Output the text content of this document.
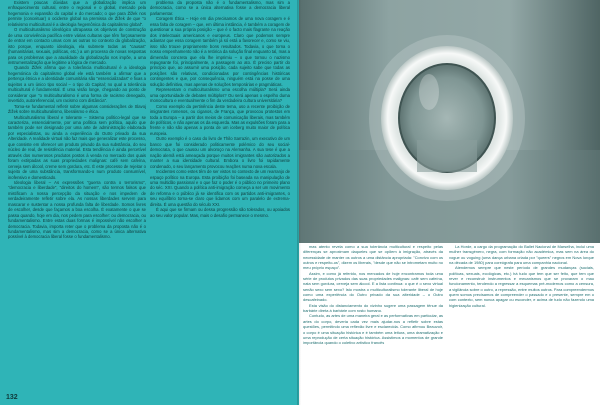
Existem poucas dúvidas que a globalização implica um enfraquecimento cultural, entre o regional e o global, mercado pela hegemonia e expansão do capital e do mercado; o que para Žižek nos permite (conceituar) o ocidente global na premissa de Žižek de que "o relativismo multicultural é a ideologia hegemônica do capitalismo global".

O multiculturalismo ideológico ultrapassa os objetivos de construção de uma convivência pacífica entre várias culturas que têm forçosamente de entrar em contacto umas com as outras no contexto da globalização, isto porque, enquanto ideologia, ela submete todas as "causas" (humanitárias, sexuais, políticas, etc.) a um processo de novas respostas para os problemas que a atualidade da globalização nos impõe, a uma instrumentalização que legitime a lógica de mercado.

Quando Žižek afirma que a tolerância multicultural é a ideologia hegemónica do capitalismo global ele está também a afirmar que a pertença étnica e a identidade comunitária são "essencializadas" e fixas a sujeitos a um único tipo social – o tipo do Capital; no qual a tolerância multicultural é fundamental. É uma visão longe, chegando ao ponto de considerar que "o multiculturalismo é uma forma de racismo denegado, invertido, autoreferencial, um racismo com distância".

Toma-se fundamental refletir sobre algumas considerações de Slavoj Žižek sobre multiculturalismo, liberalismo e ética.

Multiculturalismo liberal e tolerante – Sistema político-legal que se caracteriza, essencialmente, por uma política sem política, aquilo que também pode ser designado por uma arte de administração elaborada por especialistas, ou ainda a experiência do Outro privado da sua Alteridade. A realidade virtual não faz mais que generalizar este processo, que consiste em oferecer um produto privado da sua substância, do seu núcleo de real, de resistência material. Esta tendência é ainda percetível através dos numerosos produtos postos à venda no mercado dos quais foram extirpadas as suas propriedades malignas: café sem cafeína, cerveja sem álcool, creme sem gordura, etc. É este processo de rejeitar o sujeito de uma substância, transformando-o num produto consumível, inofensivo e domesticado.

Ideologia liberal – As expressões "guerra contra o terrorismo", "democracia e liberdade", "direitos do homem", são termos falsos que mistificam a nossa percepção da situação e nos impedem de verdadeiramente refletir sobre ela. As nossas liberdades servem para mascarar e sustentar a nossa profunda falta de liberdade. Somos livres de escolher, desde que façamos a boa escolha. É exatamente o que se passa quando, hoje em dia, nos pedem para escolher: ou democracia, ou fundamentalismo. Entre estas duas formas é impossível não escolher a democracia. Todavia, importa reter que o problema da proposta não é o fundamentalismo, mas sim a democracia, como se a única alternativa possível à democracia liberal fosse o fundamentalismo.

problema da proposta não é o fundamentalismo, mas sim a democracia, como se a única alternativa fosse a democracia liberal parlamentar.

Coragem Ética – Hoje em dia precisamos de uma nova coragem e é essa falta de coragem – que, em última instância, é também a coragem de questionar a sua própria posição – que é o facto mais flagrante na reação dos intelectuais americanos e europeus. Claro que podemos sempre adiantar que essa coragem também já só está a favorecer e, como se viu, isso não trouxe propriamente bons resultados. Todavia, o que torna o nosso empenhamento não é a retórica da solução final enquanto tal, mas a dimensão concreta que ela lhe imprimiu – o que tornou o nazismo repugnante foi, principalmente, a passagem ao ato. É preciso partir do princípio que, ao assumir uma posição, cada sujeito sabe que todas as posições são relativas, condicionadas por contingências históricas contingentes e que, por consequência, ninguém está na posse de uma solução definitiva, mas apenas de soluções temporárias e pragmáticas.

Representam o multiculturalismo uma escolha múltipla? Será ainda uma oportunidade de debates múltiplos? Ou será apenas o espelho duma monocultura e eventualmente o fim da verdadeira cultura universitária?

Como exemplo da pertinência deste tema, uso a recente proibição de imigrantes romenos, ou ciganos, de França, que provocou protestos em toda a Europa – a partir dos meios de comunicação liberais, mas também de políticos, e não apenas os da esquerda. Mas as expulsões foram para a frente e não são apenas a ponta de um iceberg muito maior de política europeia.

Outro exemplo é o caso do livro de Thilo Sarrazin, um executivo de um banco que foi considerado politicamente polémico do seu social-democrata, o que causou um alvoroço na Alemanha. A sua tese é que a nação alemã está ameaçada porque muitos imigrantes são autorizados a manter a sua identidade cultural. Embora o livro foi rapidamente condenado, o seu lançamento provocou reações numa nova escala.

Incidentes como estes têm de ser vistos no contexto de um rearranjo de espaço político na Europa. Esta proibição foi baseada na manipulação de uma multidão passional e o que faz o poder é o público no primeiro plano do séc. XXI. Quando a política anti-imigração começa a ser um movimento de reforma e o público já se identifica com os partidos anti-imigrantes, o seu equilíbrio torna-se claro que lidamos com um paralelo de extrema-direita. É uma questão do século XXI.

É aqui que se firmam ou dessa progressão são tolerados, ou apoiados ao seu valor popular. Mas, mais o desafio permanece o mesmo.

132

mas atento revela como a sua tolerância multicultural e respeito pelas diferenças se aproximam daqueles que se opõem à imigração, através da necessidade de manter os outros a uma distância apropriada: "Convivo com os outros e respeito-os", dizem os liberais, "desde que não se intrometam muito no meu próprio espaço".

Assim, e como já referido, nos mercados de hoje encontramos toda uma série de produtos privados das suas propriedades malignas: café sem cafeína, nata sem gordura, cerveja sem álcool. E a lista continua: o que é o sexo virtual senão sexo sem sexo? Isto mostra o multiculturalismo tolerante liberal de hoje como uma experiência do Outro privado da sua alteridade – o Outro descafeinado.

Esta visão do distanciamento do vizinho sugere uma passagem tênue da barbárie direta à barbárie com rosto humano.

Contudo, as artes de uma maneira geral e as performativas em particular, as artes do corpo, deveria cada vez mais ajudar-nos a refletir sobre estas questões, permitindo uma reflexão livre e esclarecida. Como afirmou Beauvoir, o corpo é uma situação histórica e é também uma leitura, uma dramatização e uma reprodução de certa situação histórica. Assistimos a momentos de grande importância quando o coletivo artístico francês

La Horde, a cargo da programação do Ballet Nacional de Marselha, inclui uma mulher transgénero, negra, com formação não académica, mas sem na área do vogue ou voguing (uma dança urbana criada por "queers" negros em Nova Iorque na década de 1980) para coreógrafa para uma companhia nacional.

Atendemos sempre que neste período de grandes mudanças (sociais, políticas, sexuais, ecológicas, etc.) há tudo que tem que ser feito, que tem que rever e reconstruir instrumentos e mecanismos que se provaram o mau funcionamento, tendendo a regressar a esquemas pré-modernos como a censura, a vigilância sobre o outro, a repressão, entre muitos outros. Para compreendermos quem somos precisamos de compreender o passado e o presente, sempre em o com contexto, sem nunca apagar ou esconder, e acima de tudo não fazendo uma higienização cultural.
